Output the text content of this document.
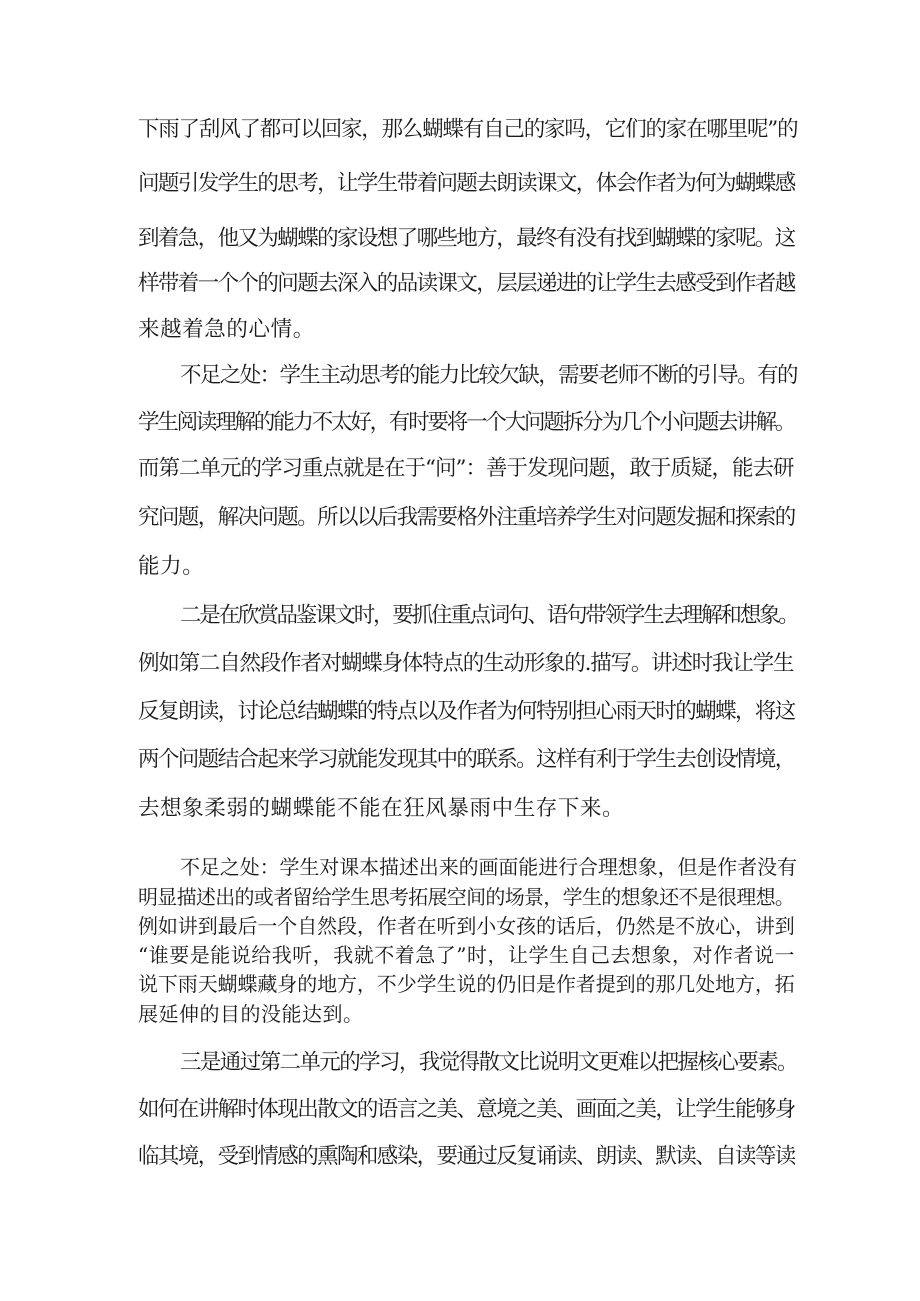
下雨了刮风了都可以回家，那么蝴蝶有自己的家吗，它们的家在哪里呢”的
问题引发学生的思考，让学生带着问题去朗读课文，体会作者为何为蝴蝶感
到着急，他又为蝴蝶的家设想了哪些地方，最终有没有找到蝴蝶的家呢。这
样带着一个个的问题去深入的品读课文，层层递进的让学生去感受到作者越
来越着急的心情。
不足之处：学生主动思考的能力比较欠缺，需要老师不断的引导。有的
学生阅读理解的能力不太好，有时要将一个大问题拆分为几个小问题去讲解。
而第二单元的学习重点就是在于“问”：善于发现问题，敢于质疑，能去研
究问题，解决问题。所以以后我需要格外注重培养学生对问题发掘和探索的
能力。
二是在欣赏品鉴课文时，要抓住重点词句、语句带领学生去理解和想象。
例如第二自然段作者对蝴蝶身体特点的生动形象的.描写。讲述时我让学生
反复朗读，讨论总结蝴蝶的特点以及作者为何特别担心雨天时的蝴蝶，将这
两个问题结合起来学习就能发现其中的联系。这样有利于学生去创设情境，
去想象柔弱的蝴蝶能不能在狂风暴雨中生存下来。
不足之处：学生对课本描述出来的画面能进行合理想象，但是作者没有
明显描述出的或者留给学生思考拓展空间的场景，学生的想象还不是很理想。
例如讲到最后一个自然段，作者在听到小女孩的话后，仍然是不放心，讲到
“谁要是能说给我听，我就不着急了”时，让学生自己去想象，对作者说一
说下雨天蝴蝶藏身的地方，不少学生说的仍旧是作者提到的那几处地方，拓
展延伸的目的没能达到。
三是通过第二单元的学习，我觉得散文比说明文更难以把握核心要素。
如何在讲解时体现出散文的语言之美、意境之美、画面之美，让学生能够身
临其境，受到情感的熏陶和感染，要通过反复诵读、朗读、默读、自读等读
